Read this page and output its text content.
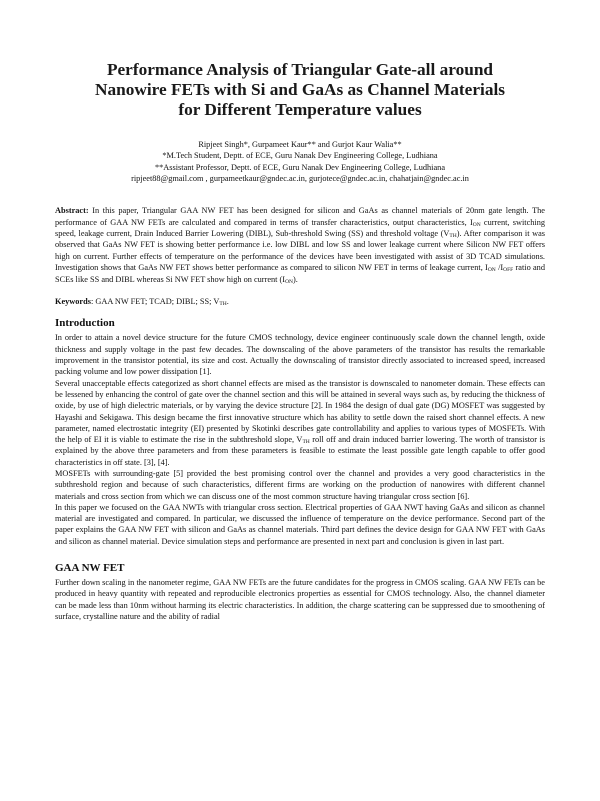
Performance Analysis of Triangular Gate-all around
Nanowire FETs with Si and GaAs as Channel Materials
for Different Temperature values
Ripjeet Singh*, Gurpameet Kaur** and Gurjot Kaur Walia**
*M.Tech Student, Deptt. of ECE, Guru Nanak Dev Engineering College, Ludhiana
**Assistant Professor, Deptt. of ECE, Guru Nanak Dev Engineering College, Ludhiana
ripjeet88@gmail.com , gurpameetkaur@gndec.ac.in, gurjotece@gndec.ac.in, chahatjain@gndec.ac.in
Abstract: In this paper, Triangular GAA NW FET has been designed for silicon and GaAs as channel materials of 20nm gate length. The performance of GAA NW FETs are calculated and compared in terms of transfer characteristics, output characteristics, $I_{ON}$ current, switching speed, leakage current, Drain Induced Barrier Lowering (DIBL), Sub-threshold Swing (SS) and threshold voltage $(V_{TH})$. After comparison it was observed that GaAs NW FET is showing better performance i.e. low DIBL and low SS and lower leakage current where Silicon NW FET offers high on current. Further effects of temperature on the performance of the devices have been investigated with assist of 3D TCAD simulations. Investigation shows that GaAs NW FET shows better performance as compared to silicon NW FET in terms of leakage current, $I_{ON}$ $/I_{OFF}$ ratio and SCEs like SS and DIBL whereas Si NW FET show high on current $(I_{ON})$.
Keywords: GAA NW FET; TCAD; DIBL; SS; $V_{TH}$.
Introduction

In order to attain a novel device structure for the future CMOS technology, device engineer continuously scale down the channel length, oxide thickness and supply voltage in the past few decades. The downscaling of the above parameters of the transistor has results the remarkable improvement in the transistor potential, its size and cost. Actually the downscaling of transistor directly associated to increased speed, increased packing volume and low power dissipation [1].

Several unacceptable effects categorized as short channel effects are mised as the transistor is downscaled to nanometer domain. These effects can be lessened by enhancing the control of gate over the channel section and this will be attained in several ways such as, by reducing the thickness of oxide, by use of high dielectric materials, or by varying the device structure [2]. In 1984 the design of dual gate (DG) MOSFET was suggested by Hayashi and Sekigawa. This design became the first innovative structure which has ability to settle down the raised short channel effects. A new parameter, named electrostatic integrity (EI) presented by Skotinki describes gate controllability and applies to various types of MOSFETs. With the help of EI it is viable to estimate the rise in the subthreshold slope, $V_{TH}$ roll off and drain induced barrier lowering. The worth of transistor is explained by the above three parameters and from these parameters is feasible to estimate the least possible gate length capable to offer good characteristics in off state. [3], [4].

MOSFETs with surrounding-gate [5] provided the best promising control over the channel and provides a very good characteristics in the subthreshold region and because of such characteristics, different firms are working on the production of nanowires with different channel materials and cross section from which we can discuss one of the most common structure having triangular cross section [6].

In this paper we focused on the GAA NWTs with triangular cross section. Electrical properties of GAA NWT having GaAs and silicon as channel material are investigated and compared. In particular, we discussed the influence of temperature on the device performance. Second part of the paper explains the GAA NW FET with silicon and GaAs as channel materials. Third part defines the device design for GAA NW FET with GaAs and silicon as channel material. Device simulation steps and performance are presented in next part and conclusion is given in last part.

GAA NW FET

Further down scaling in the nanometer regime, GAA NW FETs are the future candidates for the progress in CMOS scaling. GAA NW FETs can be produced in heavy quantity with repeated and reproducible electronics properties as essential for CMOS technology. Also, the channel diameter can be made less than 10nm without harming its electric characteristics. In addition, the charge scattering can be suppressed due to smoothening of surface, crystalline nature and the ability of radial
